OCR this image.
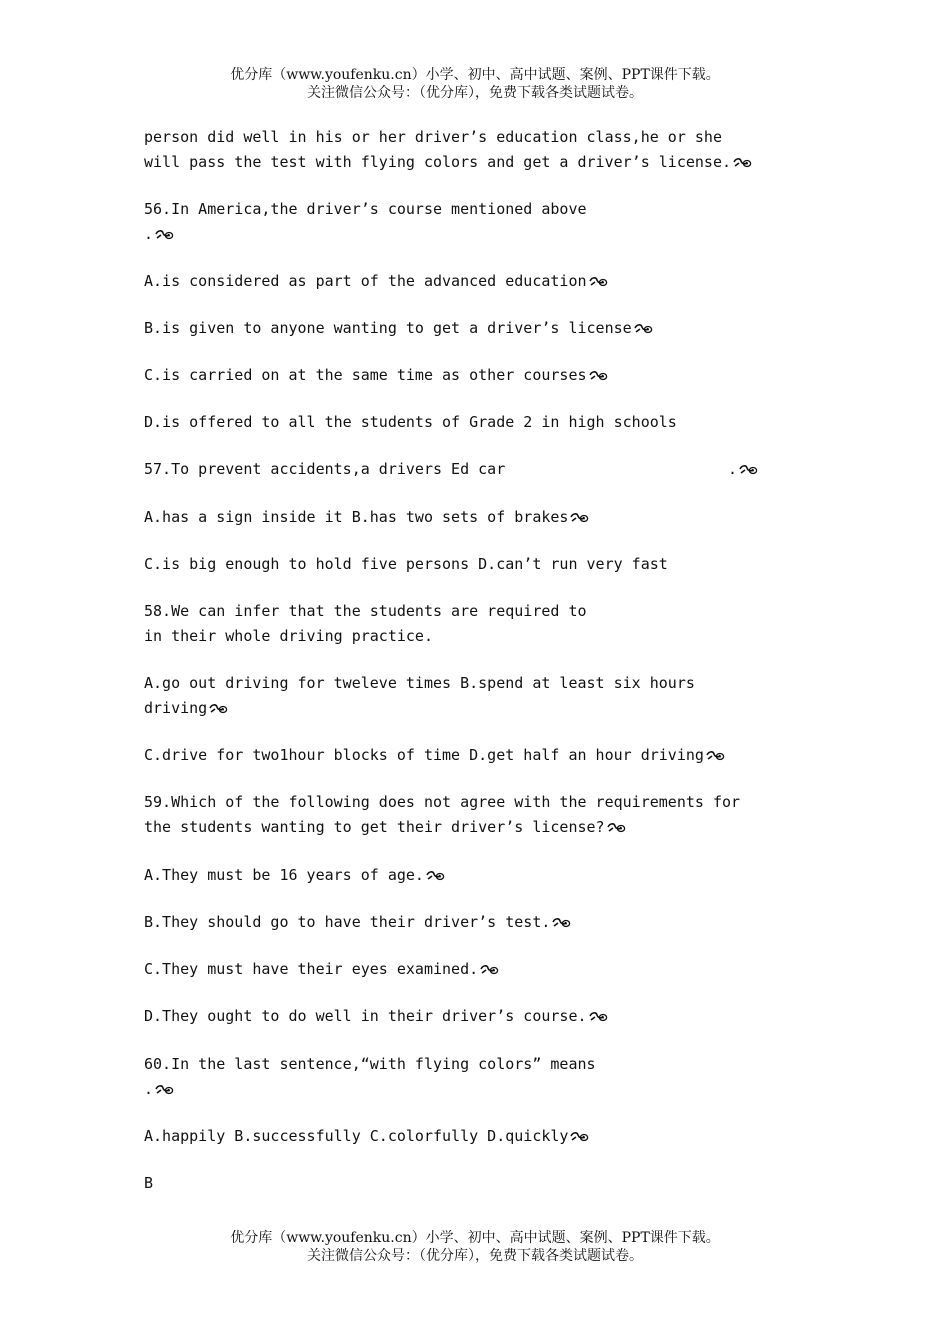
优分库（www.youfenku.cn）小学、初中、高中试题、案例、PPT课件下载。
关注微信公众号：（优分库），免费下载各类试题试卷。
person did well in his or her driver’s education class,he or she
will pass the test with flying colors and get a driver’s license.
56.In America,the driver’s course mentioned above
.
A.is considered as part of the advanced education
B.is given to anyone wanting to get a driver’s license
C.is carried on at the same time as other courses
D.is offered to all the students of Grade 2 in high schools
57.To prevent accidents,a drivers Ed car	.
A.has a sign inside it B.has two sets of brakes
C.is big enough to hold five persons D.can’t run very fast
58.We can infer that the students are required to
in their whole driving practice.
A.go out driving for tweleve times B.spend at least six hours
driving
C.drive for two1hour blocks of time D.get half an hour driving
59.Which of the following does not agree with the requirements for
the students wanting to get their driver’s license?
A.They must be 16 years of age.
B.They should go to have their driver’s test.
C.They must have their eyes examined.
D.They ought to do well in their driver’s course.
60.In the last sentence,“with flying colors” means
.
A.happily B.successfully C.colorfully D.quickly
B
优分库（www.youfenku.cn）小学、初中、高中试题、案例、PPT课件下载。
关注微信公众号：（优分库），免费下载各类试题试卷。
